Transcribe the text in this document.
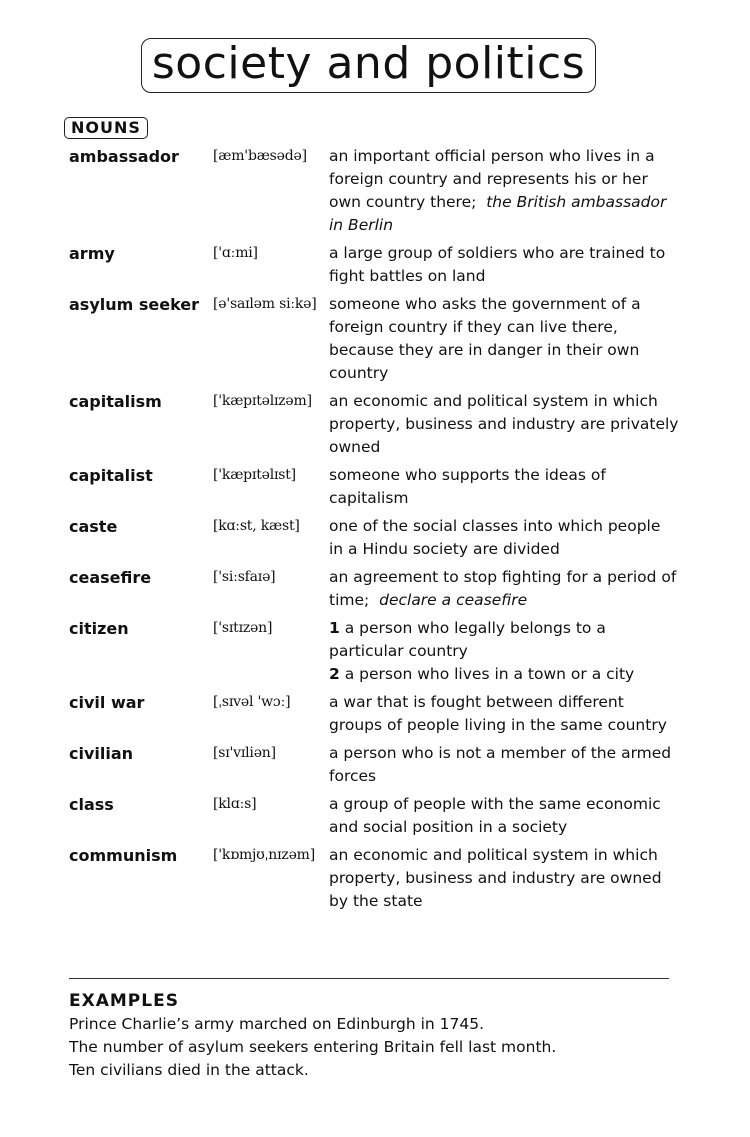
society and politics
NOUNS
ambassador	[æm'bæsədə]	an important official person who lives in a foreign country and represents his or her own country there; the British ambassador in Berlin
army	['ɑːmi]	a large group of soldiers who are trained to fight battles on land
asylum seeker [ə'saɪləm siːkə] someone who asks the government of a foreign country if they can live there, because they are in danger in their own country
capitalism	['kæpɪtəlɪzəm]	an economic and political system in which property, business and industry are privately owned
capitalist	['kæpɪtəlɪst]	someone who supports the ideas of capitalism
caste	[kɑːst, kæst]	one of the social classes into which people in a Hindu society are divided
ceasefire	['siːsfaɪə]	an agreement to stop fighting for a period of time; declare a ceasefire
citizen	['sɪtɪzən]	1 a person who legally belongs to a particular country
2 a person who lives in a town or a city
civil war	[ˌsɪvəl 'wɔː]	a war that is fought between different groups of people living in the same country
civilian	[sɪ'vɪliən]	a person who is not a member of the armed forces
class	[klɑːs]	a group of people with the same economic and social position in a society
communism	['kɒmjʊˌnɪzəm] an economic and political system in which property, business and industry are owned by the state
EXAMPLES
Prince Charlie’s army marched on Edinburgh in 1745.
The number of asylum seekers entering Britain fell last month.
Ten civilians died in the attack.
